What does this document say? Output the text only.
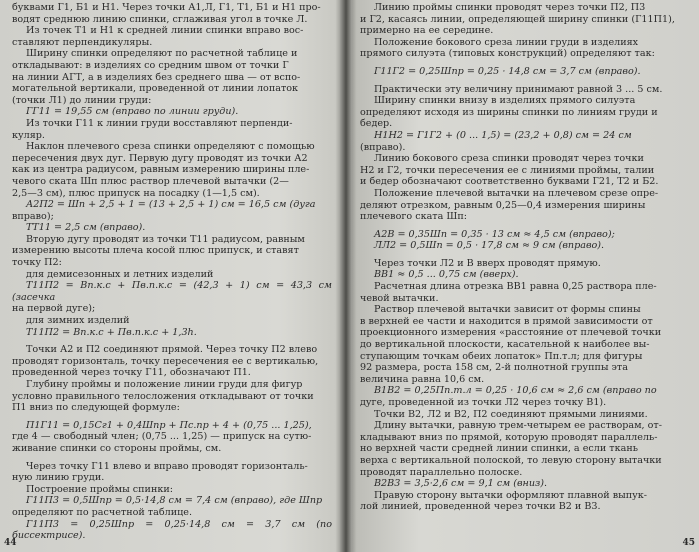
буквами Г1, Б1 и Н1. Через точки А1,Л, Г1, Т1, Б1 и Н1 про-

водят среднюю линию спинки, сглаживая угол в точке Л.

Из точек Т1 и Н1 к средней линии спинки вправо вос-

ставляют перпендикуляры.

Ширину спинки определяют по расчетной таблице и

откладывают: в изделиях со средним швом от точки Г

на линии АГТ, а в изделиях без среднего шва — от вспо-

могательной вертикали, проведенной от линии лопаток

(точки Л1) до линии груди:

ГГ11 = 19,55 см (вправо по линии груди).

Из точки Г11 к линии груди восставляют перпенди-

куляр.

Наклон плечевого среза спинки определяют с помощью

пересечения двух дуг. Первую дугу проводят из точки А2

как из центра радиусом, равным измерению ширины пле-

чевого ската Шп плюс раствор плечевой вытачки (2—

2,5—3 см), плюс припуск на посадку (1—1,5 см).

А2П2 = Шп + 2,5 + 1 = (13 + 2,5 + 1) см = 16,5 см (дуга

вправо);

ТТ11 = 2,5 см (вправо).

Вторую дугу проводят из точки Т11 радиусом, равным

измерению высоты плеча косой плюс припуск, и ставят

точку П2:

для демисезонных и летних изделий

Т11П2 = Вп.к.с + Пв.п.к.с = (42,3 + 1) см = 43,3 см (засечка

на первой дуге);

для зимних изделий

Т11П2 = Вп.к.с + Пв.п.к.с + 1,3h.

Точки А2 и П2 соединяют прямой. Через точку П2 влево

проводят горизонталь, точку пересечения ее с вертикалью,

проведенной через точку Г11, обозначают П1.

Глубину проймы и положение линии груди для фигур

условно правильного телосложения откладывают от точки

П1 вниз по следующей формуле:

П1Г11 = 0,15Сг1 + 0,4Шпр + Пс.пр + 4 + (0,75 ... 1,25),

где 4 — свободный член; (0,75 ... 1,25) — припуск на сутю-

живание спинки со стороны проймы, см.

Через точку Г11 влево и вправо проводят горизонталь-

ную линию груди.

Построение проймы спинки:

Г11П3 = 0,5Шпр = 0,5·14,8 см = 7,4 см (вправо), где Шпр

определяют по расчетной таблице.

Г11П3 = 0,25Шпр = 0,25·14,8 см = 3,7 см (по биссектрисе).

Линию проймы спинки проводят через точки П2, П3

и Г2, касаясь линии, определяющей ширину спинки (Г11П1),

примерно на ее середине.

Положение бокового среза линии груди в изделиях

прямого силуэта (типовых конструкций) определяют так:

Г11Г2 = 0,25Шпр = 0,25 · 14,8 см = 3,7 см (вправо).

Практически эту величину принимают равной 3 ... 5 см.

Ширину спинки внизу в изделиях прямого силуэта

определяют исходя из ширины спинки по линиям груди и

бедер.

Н1Н2 = Г1Г2 + (0 ... 1,5) = (23,2 + 0,8) см = 24 см

(вправо).

Линию бокового среза спинки проводят через точки

Н2 и Г2, точки пересечения ее с линиями проймы, талии

и бедер обозначают соответственно буквами Г21, Т2 и Б2.

Положение плечевой вытачки на плечевом срезе опре-

деляют отрезком, равным 0,25—0,4 измерения ширины

плечевого ската Шп:

А2В = 0,35Шп = 0,35 · 13 см ≈ 4,5 см (вправо);

ЛЛ2 = 0,5Шп = 0,5 · 17,8 см ≈ 9 см (вправо).

Через точки Л2 и В вверх проводят прямую.

ВВ1 ≈ 0,5 ... 0,75 см (вверх).

Расчетная длина отрезка ВВ1 равна 0,25 раствора пле-

чевой вытачки.

Раствор плечевой вытачки зависит от формы спины

в верхней ее части и находится в прямой зависимости от

проекционного измерения «расстояние от плечевой точки

до вертикальной плоскости, касательной к наиболее вы-

ступающим точкам обеих лопаток» Пп.т.л; для фигуры

92 размера, роста 158 см, 2-й полнотной группы эта

величина равна 10,6 см.

В1В2 = 0,25Пп.т.л = 0,25 · 10,6 см ≈ 2,6 см (вправо по

дуге, проведенной из точки Л2 через точку В1).

Точки В2, Л2 и В2, П2 соединяют прямыми линиями.

Длину вытачки, равную трем-четырем ее растворам, от-

кладывают вниз по прямой, которую проводят параллель-

но верхней части средней линии спинки, а если ткань

верха с вертикальной полоской, то левую сторону вытачки

проводят параллельно полоске.

В2В3 = 3,5·2,6 см = 9,1 см (вниз).

Правую сторону вытачки оформляют плавной выпук-

лой линией, проведенной через точки В2 и В3.

44	45
